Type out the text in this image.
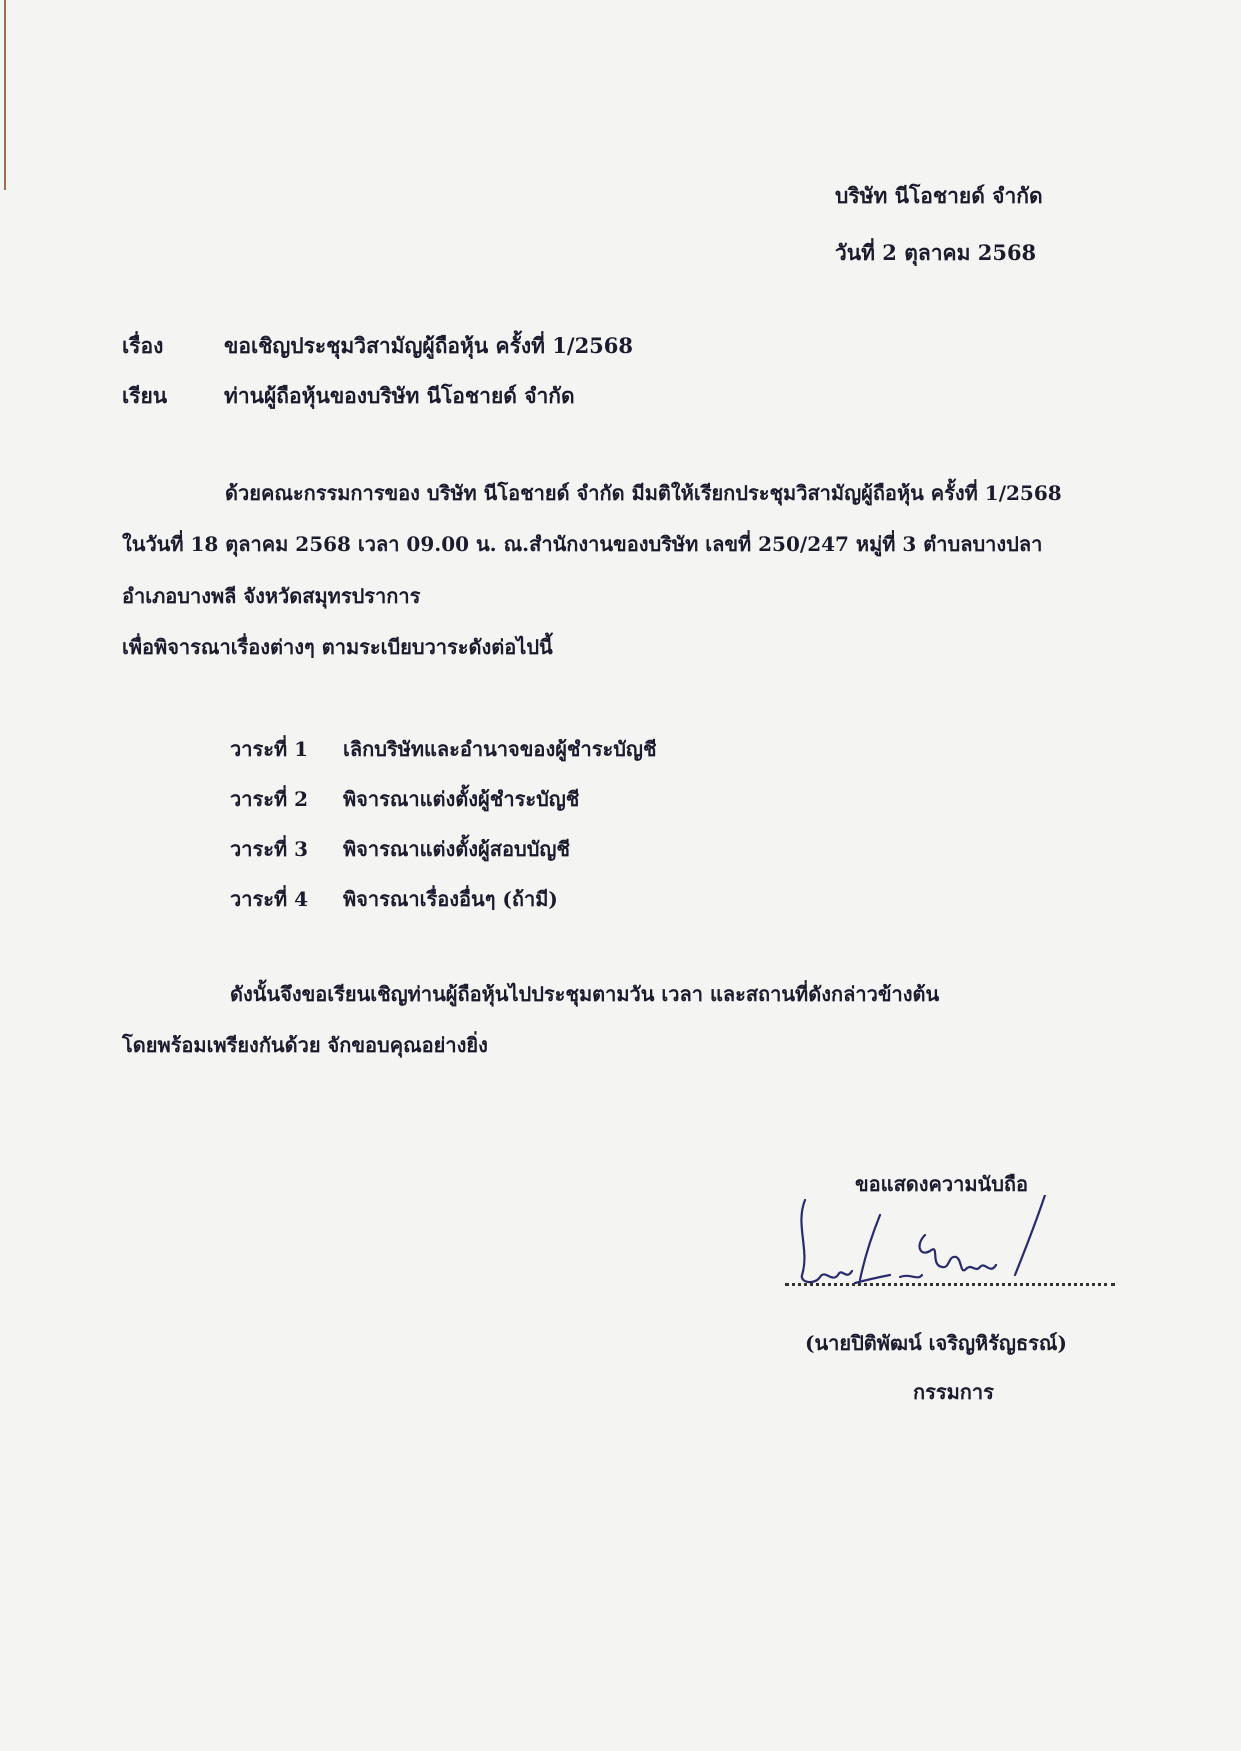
บริษัท นีโอชายด์ จำกัด
วันที่ 2 ตุลาคม 2568
เรื่อง	ขอเชิญประชุมวิสามัญผู้ถือหุ้น ครั้งที่ 1/2568
เรียน	ท่านผู้ถือหุ้นของบริษัท นีโอชายด์ จำกัด
ด้วยคณะกรรมการของ บริษัท นีโอชายด์ จำกัด มีมติให้เรียกประชุมวิสามัญผู้ถือหุ้น ครั้งที่ 1/2568
ในวันที่ 18 ตุลาคม 2568 เวลา 09.00 น. ณ.สำนักงานของบริษัท เลขที่ 250/247 หมู่ที่ 3 ตำบลบางปลา
อำเภอบางพลี จังหวัดสมุทรปราการ
เพื่อพิจารณาเรื่องต่างๆ ตามระเบียบวาระดังต่อไปนี้
วาระที่ 1 เลิกบริษัทและอำนาจของผู้ชำระบัญชี
วาระที่ 2 พิจารณาแต่งตั้งผู้ชำระบัญชี
วาระที่ 3 พิจารณาแต่งตั้งผู้สอบบัญชี
วาระที่ 4 พิจารณาเรื่องอื่นๆ (ถ้ามี)
ดังนั้นจึงขอเรียนเชิญท่านผู้ถือหุ้นไปประชุมตามวัน เวลา และสถานที่ดังกล่าวข้างต้น
โดยพร้อมเพรียงกันด้วย จักขอบคุณอย่างยิ่ง
ขอแสดงความนับถือ
(นายปิติพัฒน์ เจริญหิรัญธรณ์)
กรรมการ
